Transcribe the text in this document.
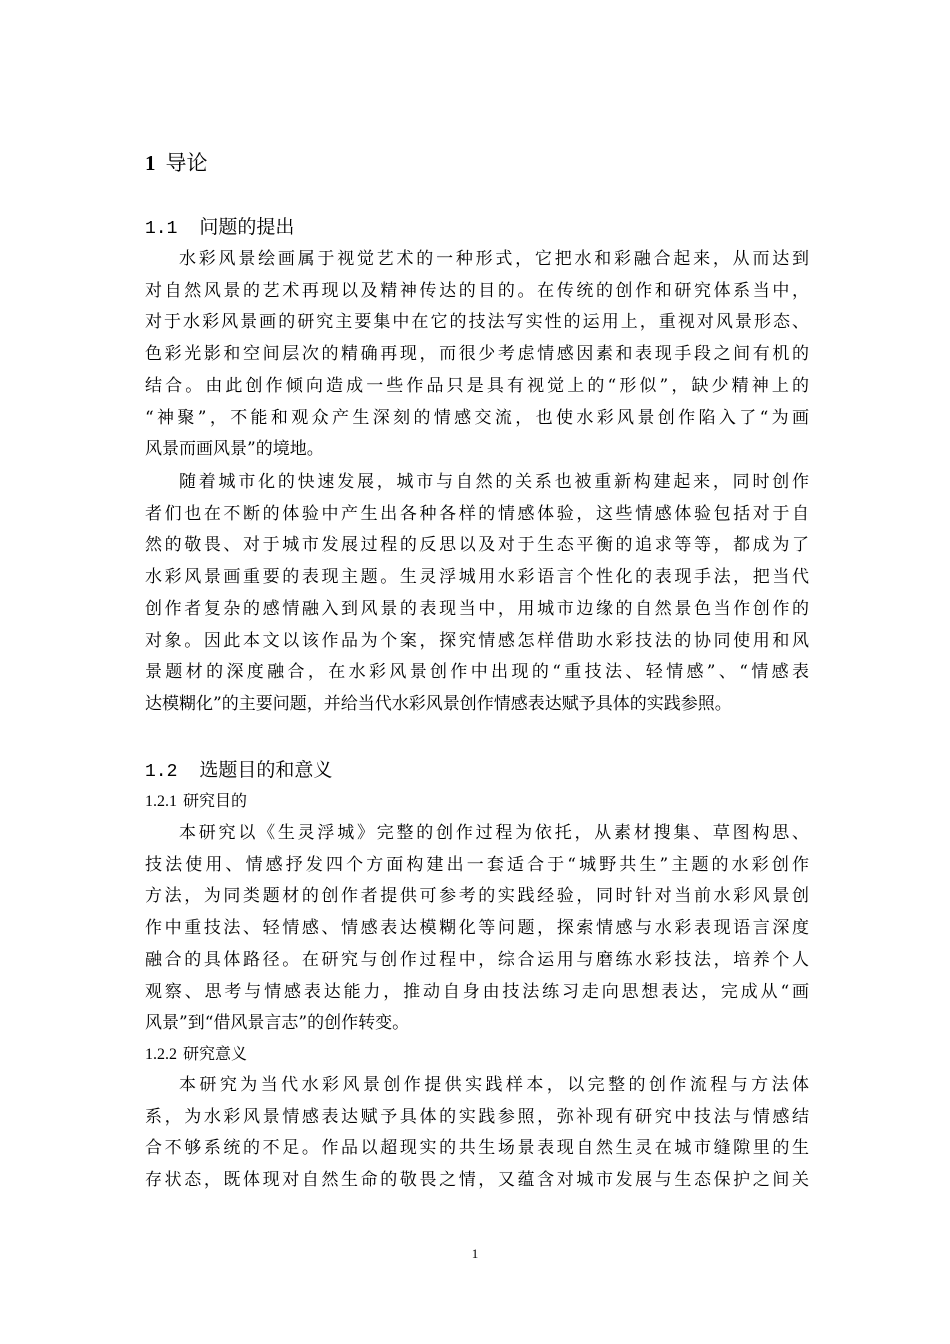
1 导论
1.1 问题的提出

水彩风景绘画属于视觉艺术的一种形式，它把水和彩融合起来，从而达到

对自然风景的艺术再现以及精神传达的目的。在传统的创作和研究体系当中，

对于水彩风景画的研究主要集中在它的技法写实性的运用上，重视对风景形态、

色彩光影和空间层次的精确再现，而很少考虑情感因素和表现手段之间有机的

结合。由此创作倾向造成一些作品只是具有视觉上的“形似”，缺少精神上的

“神聚”，不能和观众产生深刻的情感交流，也使水彩风景创作陷入了“为画

风景而画风景”的境地。

随着城市化的快速发展，城市与自然的关系也被重新构建起来，同时创作

者们也在不断的体验中产生出各种各样的情感体验，这些情感体验包括对于自

然的敬畏、对于城市发展过程的反思以及对于生态平衡的追求等等，都成为了

水彩风景画重要的表现主题。生灵浮城用水彩语言个性化的表现手法，把当代

创作者复杂的感情融入到风景的表现当中，用城市边缘的自然景色当作创作的

对象。因此本文以该作品为个案，探究情感怎样借助水彩技法的协同使用和风

景题材的深度融合，在水彩风景创作中出现的“重技法、轻情感”、“情感表

达模糊化”的主要问题，并给当代水彩风景创作情感表达赋予具体的实践参照。

1.2 选题目的和意义
1.2.1 研究目的

本研究以《生灵浮城》完整的创作过程为依托，从素材搜集、草图构思、

技法使用、情感抒发四个方面构建出一套适合于“城野共生”主题的水彩创作

方法，为同类题材的创作者提供可参考的实践经验，同时针对当前水彩风景创

作中重技法、轻情感、情感表达模糊化等问题，探索情感与水彩表现语言深度

融合的具体路径。在研究与创作过程中，综合运用与磨练水彩技法，培养个人

观察、思考与情感表达能力，推动自身由技法练习走向思想表达，完成从“画

风景”到“借风景言志”的创作转变。

1.2.2 研究意义

本研究为当代水彩风景创作提供实践样本，以完整的创作流程与方法体

系，为水彩风景情感表达赋予具体的实践参照，弥补现有研究中技法与情感结

合不够系统的不足。作品以超现实的共生场景表现自然生灵在城市缝隙里的生

存状态，既体现对自然生命的敬畏之情，又蕴含对城市发展与生态保护之间关

1
